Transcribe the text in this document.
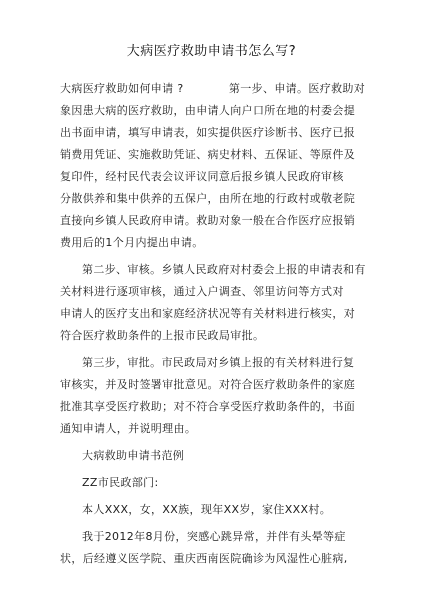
大病医疗救助申请书怎么写?
大病医疗救助如何申请 ?　　　　第一步、申请。医疗救助对
象因患大病的医疗救助，由申请人向户口所在地的村委会提
出书面申请，填写申请表，如实提供医疗诊断书、医疗已报
销费用凭证、实施救助凭证、病史材料、五保证、等原件及
复印件，经村民代表会议评议同意后报乡镇人民政府审核
分散供养和集中供养的五保户，由所在地的行政村或敬老院
直接向乡镇人民政府申请。救助对象一般在合作医疗应报销
费用后的1个月内提出申请。
第二步、审核。乡镇人民政府对村委会上报的申请表和有
关材料进行逐项审核，通过入户调查、邻里访问等方式对
申请人的医疗支出和家庭经济状况等有关材料进行核实，对
符合医疗救助条件的上报市民政局审批。
第三步，审批。市民政局对乡镇上报的有关材料进行复
审核实，并及时签署审批意见。对符合医疗救助条件的家庭
批准其享受医疗救助；对不符合享受医疗救助条件的，书面
通知申请人，并说明理由。
大病救助申请书范例
ZZ市民政部门:
本人XXX，女，XX族，现年XX岁，家住XXX村。
我于2012年8月份，突感心跳异常，并伴有头晕等症
状，后经遵义医学院、重庆西南医院确诊为风湿性心脏病,
